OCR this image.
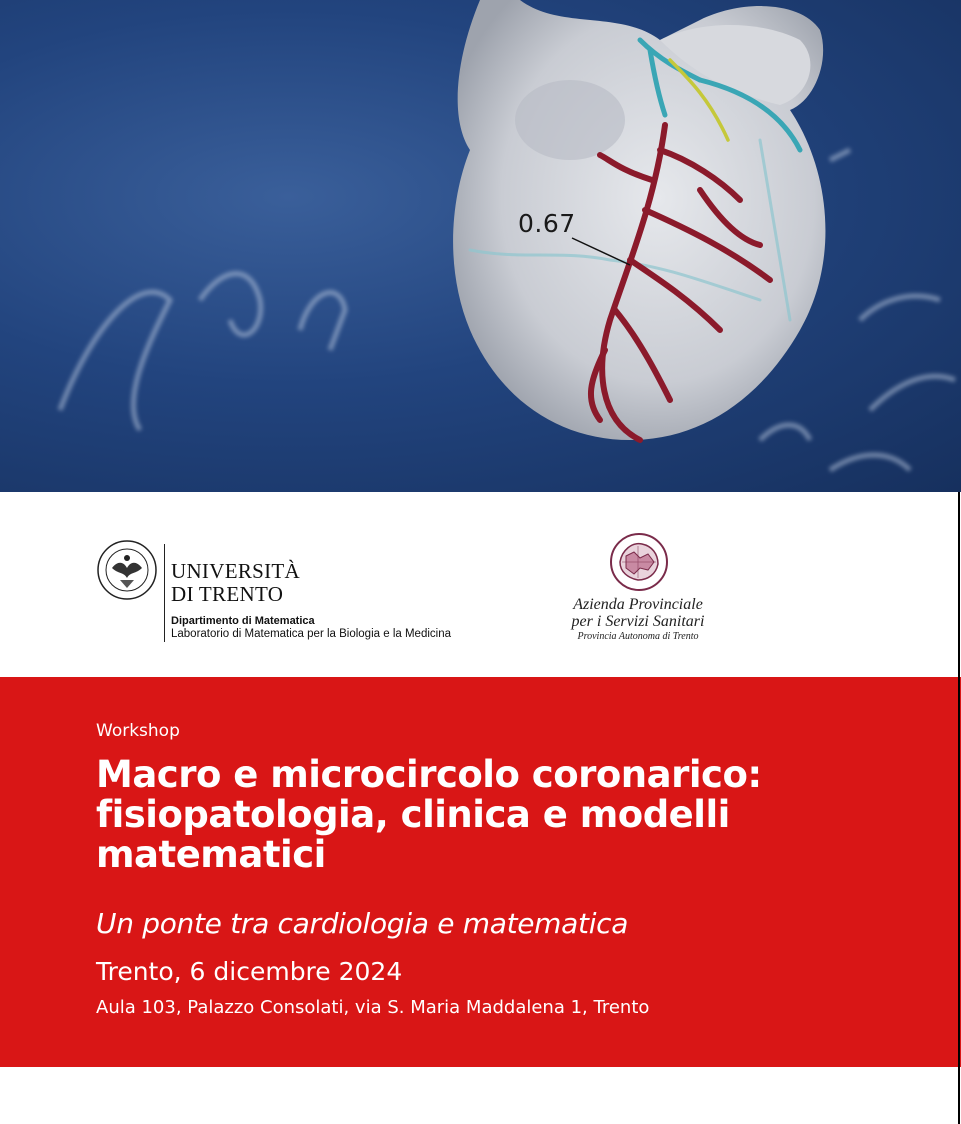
0.67
UNIVERSITÀ
DI TRENTO
Dipartimento di Matematica
Laboratorio di Matematica per la Biologia e la Medicina
Azienda Provinciale
per i Servizi Sanitari
Provincia Autonoma di Trento
Workshop
Macro e microcircolo coronarico: fisiopatologia, clinica e modelli matematici
Un ponte tra cardiologia e matematica
Trento, 6 dicembre 2024
Aula 103, Palazzo Consolati, via S. Maria Maddalena 1, Trento
